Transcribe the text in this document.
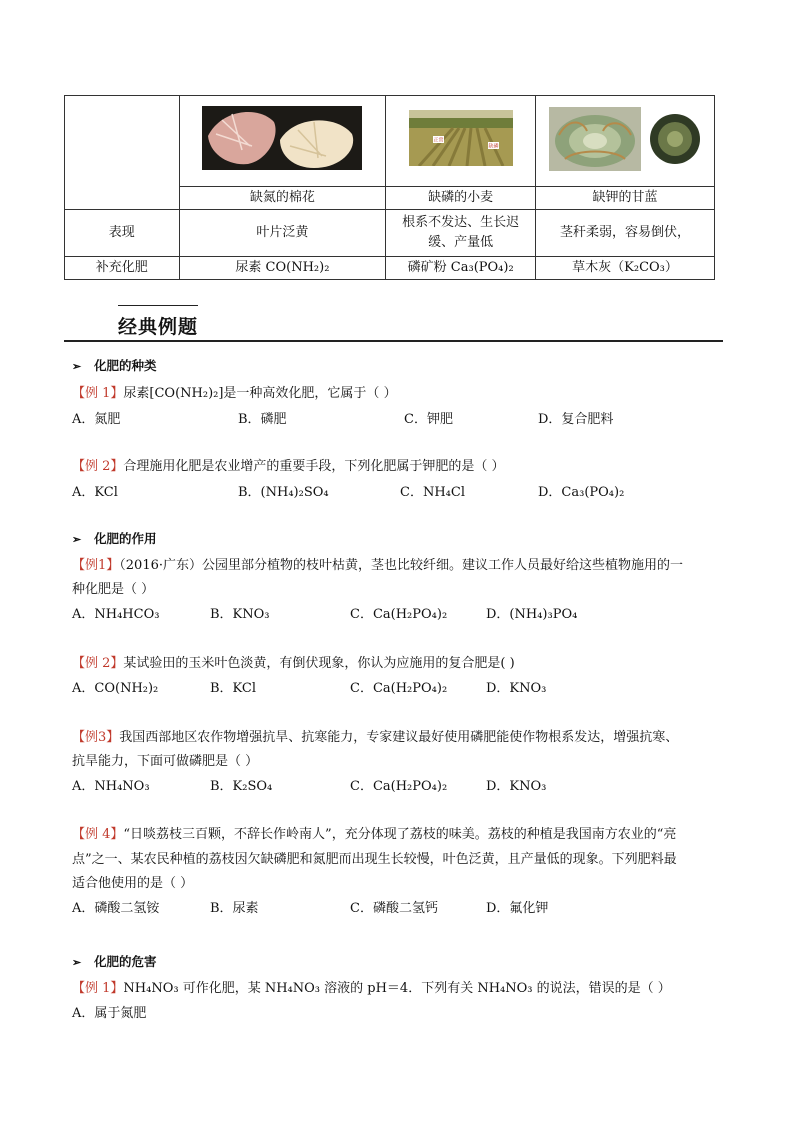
正常
缺磷

	缺氮的棉花	缺磷的小麦	缺钾的甘蓝
表现	叶片泛黄	根系不发达、生长迟缓、产量低	茎秆柔弱，容易倒伏，
补充化肥	尿素 CO(NH₂)₂	磷矿粉 Ca₃(PO₄)₂	草木灰（K₂CO₃）
经典例题
➢ 化肥的种类
【例 1】尿素[CO(NH₂)₂]是一种高效化肥，它属于（ ）
A．氮肥	B．磷肥	C．钾肥	D．复合肥料
【例 2】合理施用化肥是农业增产的重要手段，下列化肥属于钾肥的是（ ）
A．KCl	B．(NH₄)₂SO₄	C．NH₄Cl	D．Ca₃(PO₄)₂
➢ 化肥的作用
【例1】（2016·广东）公园里部分植物的枝叶枯黄，茎也比较纤细。建议工作人员最好给这些植物施用的一
种化肥是（ ）
A．NH₄HCO₃	B．KNO₃	C．Ca(H₂PO₄)₂	D．(NH₄)₃PO₄
【例 2】某试验田的玉米叶色淡黄，有倒伏现象，你认为应施用的复合肥是( )
A．CO(NH₂)₂	B．KCl	C．Ca(H₂PO₄)₂	D．KNO₃
【例3】我国西部地区农作物增强抗旱、抗寒能力，专家建议最好使用磷肥能使作物根系发达，增强抗寒、
抗旱能力，下面可做磷肥是（ ）
A．NH₄NO₃	B．K₂SO₄	C．Ca(H₂PO₄)₂	D．KNO₃
【例 4】“日啖荔枝三百颗，不辞长作岭南人”，充分体现了荔枝的味美。荔枝的种植是我国南方农业的“亮
点”之一、某农民种植的荔枝因欠缺磷肥和氮肥而出现生长较慢，叶色泛黄，且产量低的现象。下列肥料最
适合他使用的是（ ）
A．磷酸二氢铵	B．尿素	C．磷酸二氢钙	D．氟化钾
➢ 化肥的危害
【例 1】NH₄NO₃ 可作化肥，某 NH₄NO₃ 溶液的 pH＝4．下列有关 NH₄NO₃ 的说法，错误的是（ ）
A．属于氮肥
